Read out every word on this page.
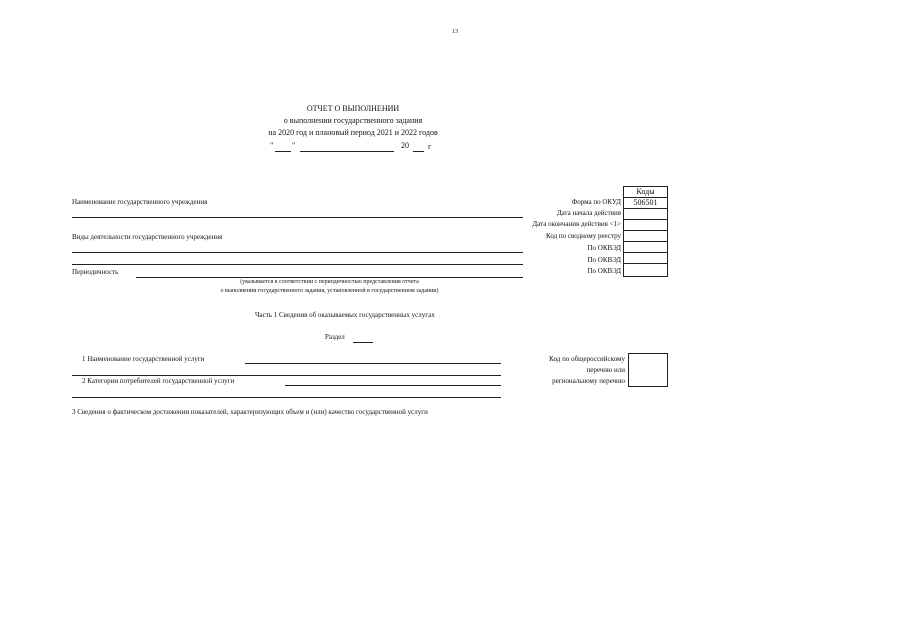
13
ОТЧЕТ О ВЫПОЛНЕНИИ
о выполнении государственного задания
на 2020 год и плановый период 2021 и 2022 годов
" "	20 г
Наименование государственного учреждения
Виды деятельности государственного учреждения
Периодичность
(указывается в соответствии с периодичностью представления отчета
о выполнении государственного задания, установленной в государственном задании)
Форма по ОКУД
Дата начала действия
Дата окончания действия <1>
Код по сводному реестру
По ОКВЭД
По ОКВЭД
По ОКВЭД
Коды
506501
Часть 1 Сведения об оказываемых государственных услугах
Раздел
1 Наименование государственной услуги
2 Категории потребителей государственной услуги
Код по общероссийскому
перечню или
региональному перечню
3 Сведения о фактическом достижении показателей, характеризующих объем и (или) качество государственной услуги
